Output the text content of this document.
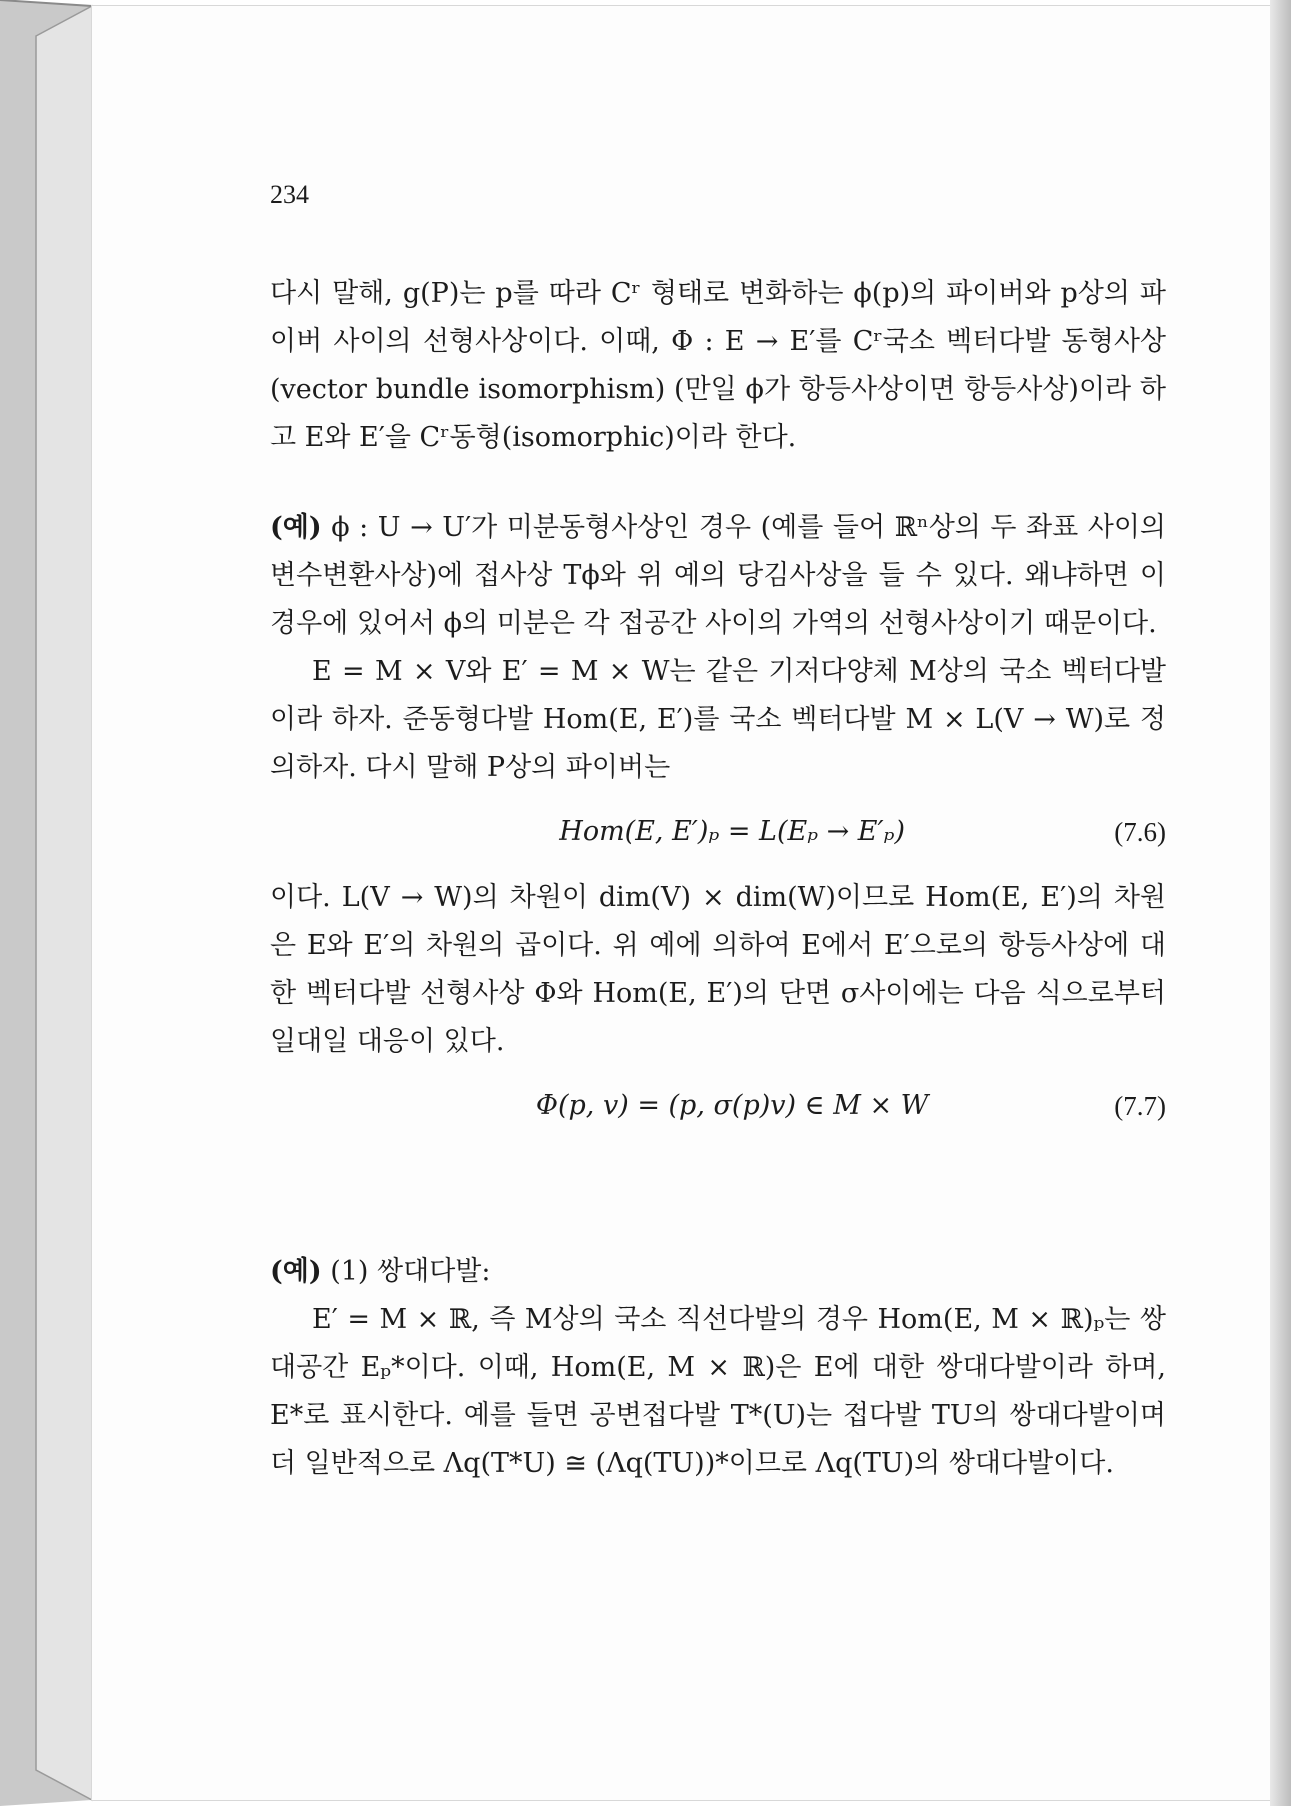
234

다시 말해, g(P)는 p를 따라 Cʳ 형태로 변화하는 ϕ(p)의 파이버와 p상의 파이버 사이의 선형사상이다. 이때, Φ : E → E′를 Cʳ국소 벡터다발 동형사상(vector bundle isomorphism) (만일 ϕ가 항등사상이면 항등사상)이라 하고 E와 E′을 Cʳ동형(isomorphic)이라 한다.

(예) ϕ : U → U′가 미분동형사상인 경우 (예를 들어 ℝⁿ상의 두 좌표 사이의 변수변환사상)에 접사상 Tϕ와 위 예의 당김사상을 들 수 있다. 왜냐하면 이 경우에 있어서 ϕ의 미분은 각 접공간 사이의 가역의 선형사상이기 때문이다.

E = M × V와 E′ = M × W는 같은 기저다양체 M상의 국소 벡터다발이라 하자. 준동형다발 Hom(E, E′)를 국소 벡터다발 M × L(V → W)로 정의하자. 다시 말해 P상의 파이버는

Hom(E, E′)ₚ = L(Eₚ → E′ₚ)	(7.6)

이다. L(V → W)의 차원이 dim(V) × dim(W)이므로 Hom(E, E′)의 차원은 E와 E′의 차원의 곱이다. 위 예에 의하여 E에서 E′으로의 항등사상에 대한 벡터다발 선형사상 Φ와 Hom(E, E′)의 단면 σ사이에는 다음 식으로부터 일대일 대응이 있다.

Φ(p, v) = (p, σ(p)v) ∈ M × W	(7.7)

(예) (1) 쌍대다발:

E′ = M × ℝ, 즉 M상의 국소 직선다발의 경우 Hom(E, M × ℝ)ₚ는 쌍대공간 Eₚ*이다. 이때, Hom(E, M × ℝ)은 E에 대한 쌍대다발이라 하며, E*로 표시한다. 예를 들면 공변접다발 T*(U)는 접다발 TU의 쌍대다발이며 더 일반적으로 Λq(T*U) ≅ (Λq(TU))*이므로 Λq(TU)의 쌍대다발이다.
